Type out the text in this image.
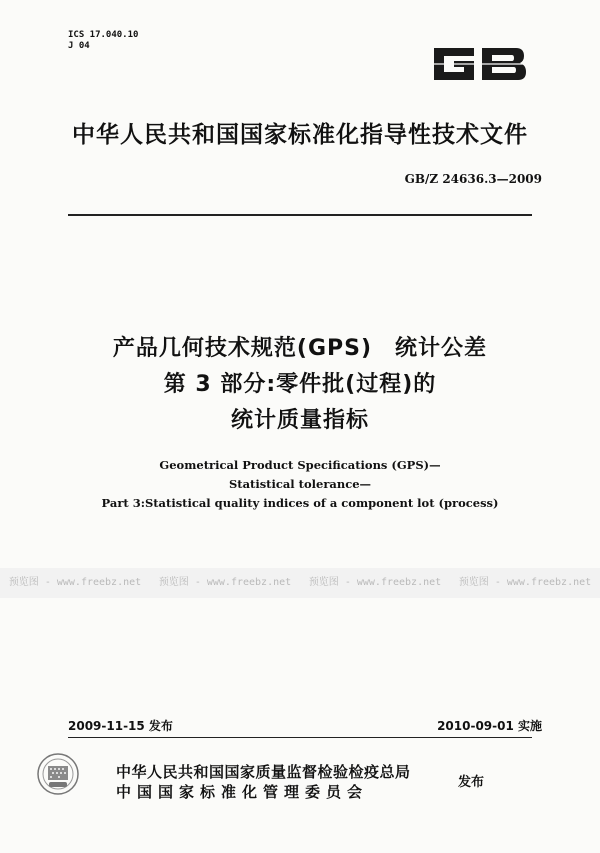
ICS 17.040.10
J 04
中华人民共和国国家标准化指导性技术文件
GB/Z 24636.3—2009
产品几何技术规范(GPS)　统计公差
第 3 部分:零件批(过程)的
统计质量指标
Geometrical Product Specifications (GPS)—
Statistical tolerance—
Part 3:Statistical quality indices of a component lot (process)
预览图 - www.freebz.net 预览图 - www.freebz.net 预览图 - www.freebz.net 预览图 - www.freebz.net
2009-11-15 发布	2010-09-01 实施
中华人民共和国国家质量监督检验检疫总局
中国国家标准化管理委员会
发布
